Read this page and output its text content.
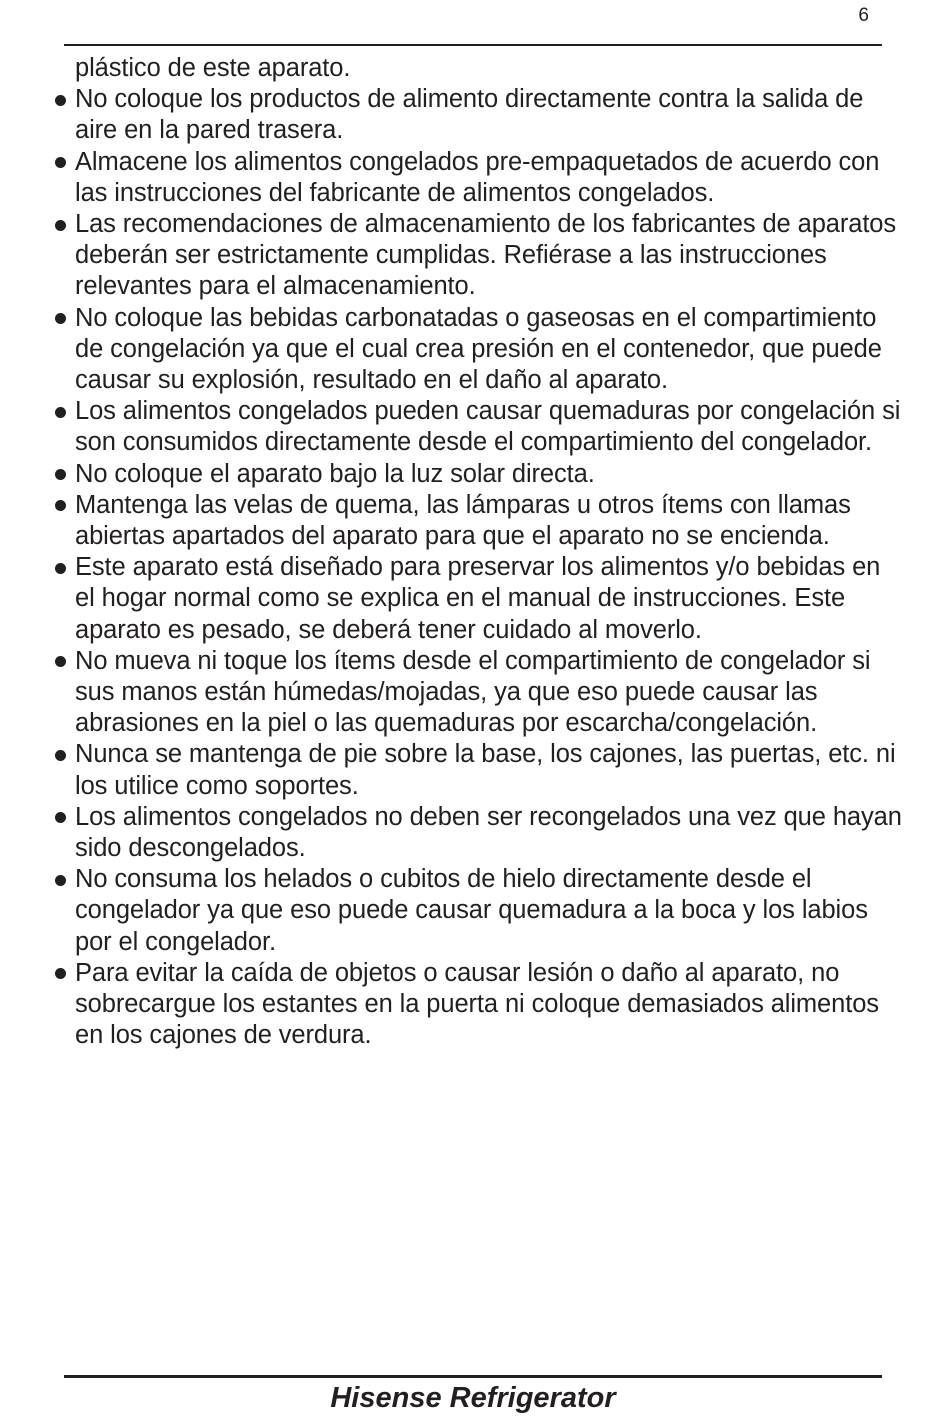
6

plástico de este aparato.

No coloque los productos de alimento directamente contra la salida de aire en la pared trasera.
Almacene los alimentos congelados pre-empaquetados de acuerdo con las instrucciones del fabricante de alimentos congelados.
Las recomendaciones de almacenamiento de los fabricantes de aparatos deberán ser estrictamente cumplidas. Refiérase a las instrucciones relevantes para el almacenamiento.
No coloque las bebidas carbonatadas o gaseosas en el compartimiento de congelación ya que el cual crea presión en el contenedor, que puede causar su explosión, resultado en el daño al aparato.
Los alimentos congelados pueden causar quemaduras por congelación si son consumidos directamente desde el compartimiento del congelador.
No coloque el aparato bajo la luz solar directa.
Mantenga las velas de quema, las lámparas u otros ítems con llamas abiertas apartados del aparato para que el aparato no se encienda.
Este aparato está diseñado para preservar los alimentos y/o bebidas en el hogar normal como se explica en el manual de instrucciones. Este aparato es pesado, se deberá tener cuidado al moverlo.
No mueva ni toque los ítems desde el compartimiento de congelador si sus manos están húmedas/mojadas, ya que eso puede causar las abrasiones en la piel o las quemaduras por escarcha/congelación.
Nunca se mantenga de pie sobre la base, los cajones, las puertas, etc. ni los utilice como soportes.
Los alimentos congelados no deben ser recongelados una vez que hayan sido descongelados.
No consuma los helados o cubitos de hielo directamente desde el congelador ya que eso puede causar quemadura a la boca y los labios por el congelador.
Para evitar la caída de objetos o causar lesión o daño al aparato, no sobrecargue los estantes en la puerta ni coloque demasiados alimentos en los cajones de verdura.
Hisense Refrigerator
